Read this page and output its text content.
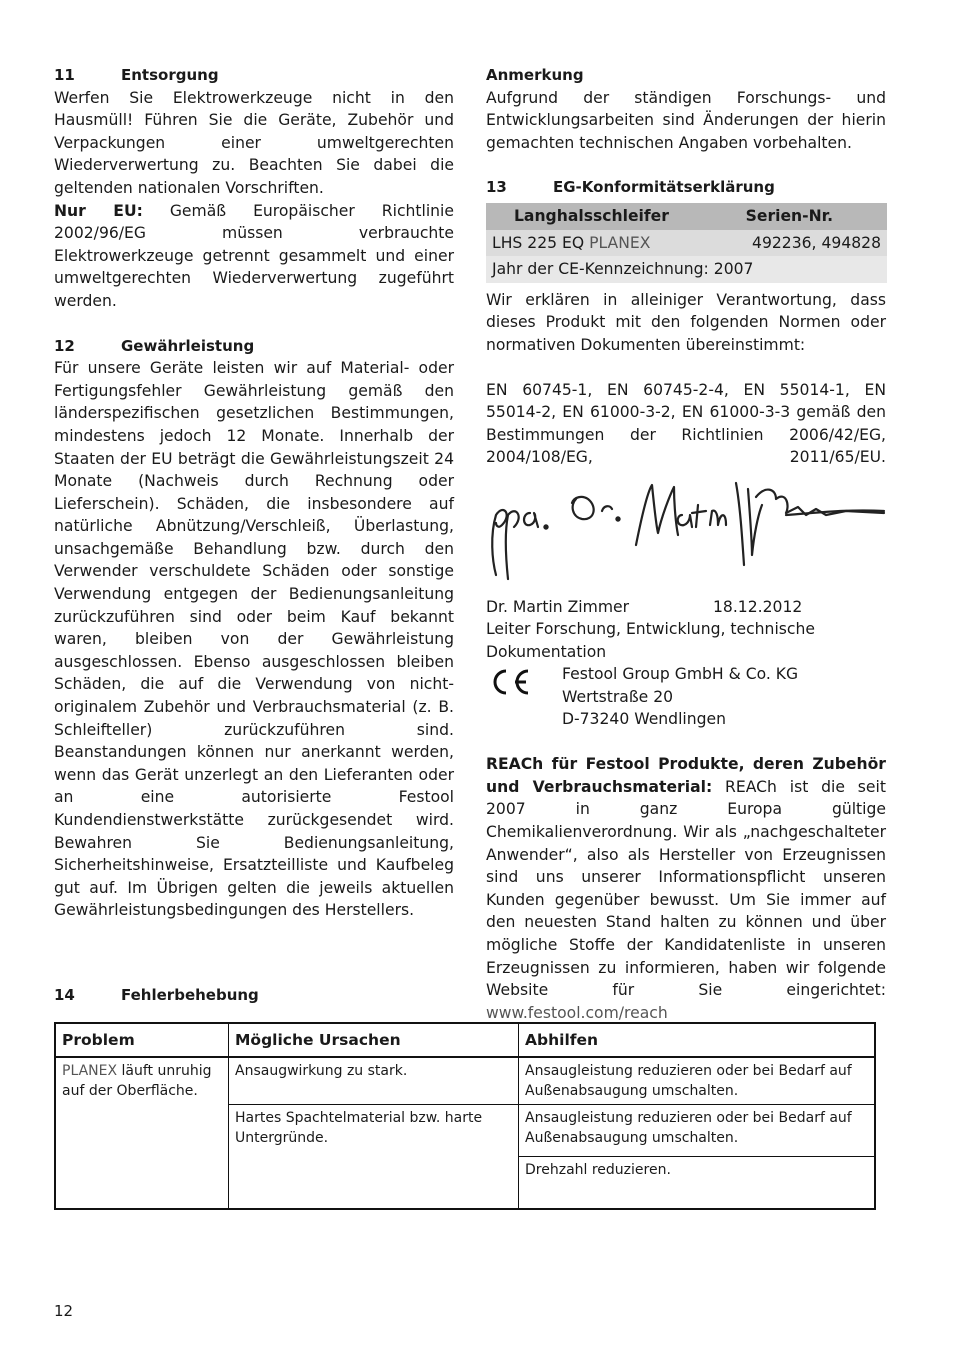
11	Entsorgung

Werfen Sie Elektrowerkzeuge nicht in den Hausmüll! Führen Sie die Geräte, Zubehör und Verpackungen einer umweltgerechten Wiederverwertung zu. Beachten Sie dabei die geltenden nationalen Vorschriften.

Nur EU: Gemäß Europäischer Richtlinie 2002/96/EG müssen verbrauchte Elektrowerkzeuge getrennt gesammelt und einer umweltgerechten Wiederverwertung zugeführt werden.

12	Gewährleistung

Für unsere Geräte leisten wir auf Material- oder Fertigungsfehler Gewährleistung gemäß den länderspezifischen gesetzlichen Bestimmungen, mindestens jedoch 12 Monate. Innerhalb der Staaten der EU beträgt die Gewährleistungszeit 24 Monate (Nachweis durch Rechnung oder Lieferschein). Schäden, die insbesondere auf natürliche Abnützung/Verschleiß, Überlastung, unsachgemäße Behandlung bzw. durch den Verwender verschuldete Schäden oder sonstige Verwendung entgegen der Bedienungsanleitung zurückzuführen sind oder beim Kauf bekannt waren, bleiben von der Gewährleistung ausgeschlossen. Ebenso ausgeschlossen bleiben Schäden, die auf die Verwendung von nicht-originalem Zubehör und Verbrauchsmaterial (z. B. Schleifteller) zurückzuführen sind. Beanstandungen können nur anerkannt werden, wenn das Gerät unzerlegt an den Lieferanten oder an eine autorisierte Festool Kundendienstwerkstätte zurückgesendet wird. Bewahren Sie Bedienungsanleitung, Sicherheitshinweise, Ersatzteilliste und Kaufbeleg gut auf. Im Übrigen gelten die jeweils aktuellen Gewährleistungsbedingungen des Herstellers.

Anmerkung

Aufgrund der ständigen Forschungs- und Entwicklungsarbeiten sind Änderungen der hierin gemachten technischen Angaben vorbehalten.

13	EG-Konformitätserklärung

Langhalsschleifer	Serien-Nr.
LHS 225 EQ PLANEX	492236, 494828
Jahr der CE-Kennzeichnung: 2007	

Wir erklären in alleiniger Verantwortung, dass dieses Produkt mit den folgenden Normen oder normativen Dokumenten übereinstimmt:

EN 60745-1, EN 60745-2-4, EN 55014-1, EN 55014-2, EN 61000-3-2, EN 61000-3-3 gemäß den Bestimmungen der Richtlinien 2006/42/EG, 2004/108/EG, 2011/65/EU.

ppa. Dr. Martin Zimmer

Dr. Martin Zimmer	18.12.2012

Leiter Forschung, Entwicklung, technische Dokumentation

Festool Group GmbH & Co. KG

Wertstraße 20

D-73240 Wendlingen

REACh für Festool Produkte, deren Zubehör und Verbrauchsmaterial: REACh ist die seit 2007 in ganz Europa gültige Chemikalienverordnung. Wir als „nachgeschalteter Anwender“, also als Hersteller von Erzeugnissen sind uns unserer Informationspflicht unseren Kunden gegenüber bewusst. Um Sie immer auf den neuesten Stand halten zu können und über mögliche Stoffe der Kandidatenliste in unseren Erzeugnissen zu informieren, haben wir folgende Website für Sie eingerichtet: www.festool.com/reach

14	Fehlerbehebung
Problem	Mögliche Ursachen	Abhilfen
PLANEX läuft unruhig auf der Oberfläche.	Ansaugwirkung zu stark.	Ansaugleistung reduzieren oder bei Bedarf auf Außenabsaugung umschalten.
	Hartes Spachtelmaterial bzw. harte Untergründe.	Ansaugleistung reduzieren oder bei Bedarf auf Außenabsaugung umschalten.
		Drehzahl reduzieren.
12
